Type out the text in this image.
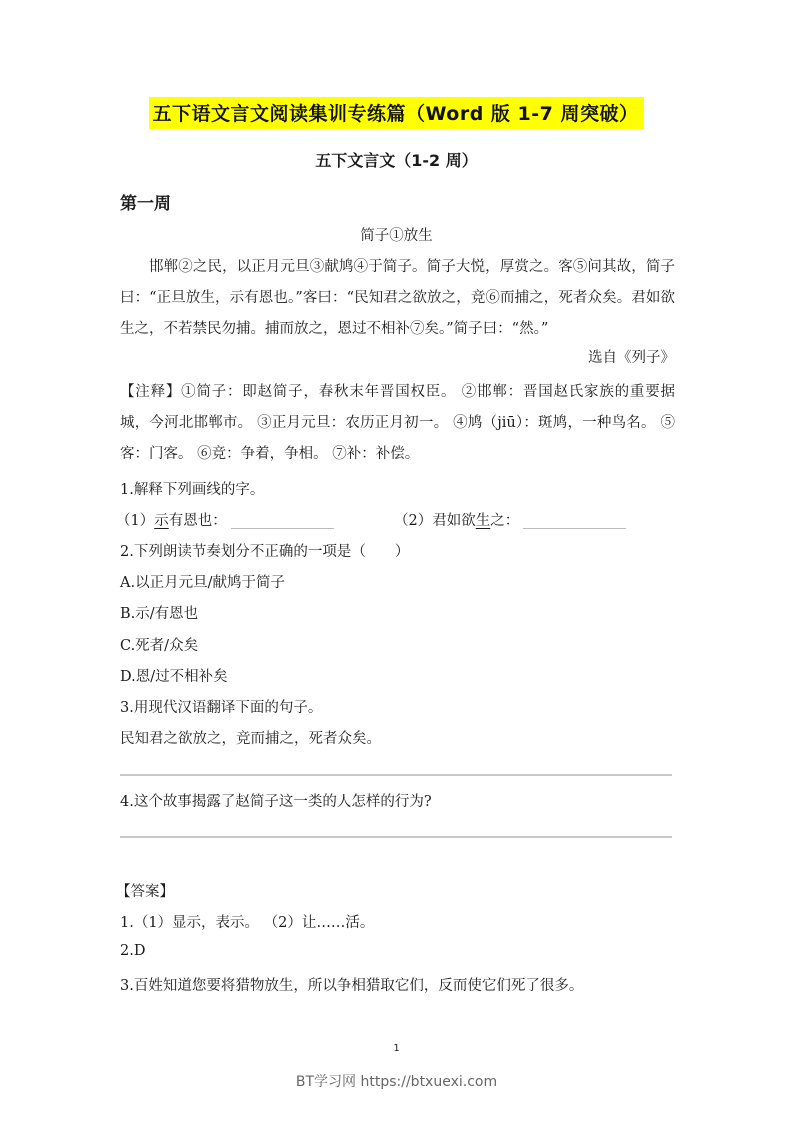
五下语文言文阅读集训专练篇（Word 版 1-7 周突破）
五下文言文（1-2 周）
第一周
简子①放生
邯郸②之民，以正月元旦③献鸠④于简子。简子大悦，厚赏之。客⑤问其故，简子曰：“正旦放生，示有恩也。”客曰：“民知君之欲放之，竞⑥而捕之，死者众矣。君如欲生之，不若禁民勿捕。捕而放之，恩过不相补⑦矣。”简子曰：“然。”
选自《列子》
【注释】①简子：即赵简子，春秋末年晋国权臣。 ②邯郸：晋国赵氏家族的重要据城，今河北邯郸市。 ③正月元旦：农历正月初一。 ④鸠（jiū）：斑鸠，一种鸟名。 ⑤客：门客。 ⑥竞：争着，争相。 ⑦补：补偿。
1.解释下列画线的字。
（1）示有恩也：	（2）君如欲生之：
2.下列朗读节奏划分不正确的一项是（　　）
A.以正月元旦/献鸠于简子
B.示/有恩也
C.死者/众矣
D.恩/过不相补矣
3.用现代汉语翻译下面的句子。
民知君之欲放之，竞而捕之，死者众矣。
4.这个故事揭露了赵简子这一类的人怎样的行为?
【答案】
1.（1）显示，表示。 （2）让……活。
2.D
3.百姓知道您要将猎物放生，所以争相猎取它们，反而使它们死了很多。
1
BT学习网 https://btxuexi.com
